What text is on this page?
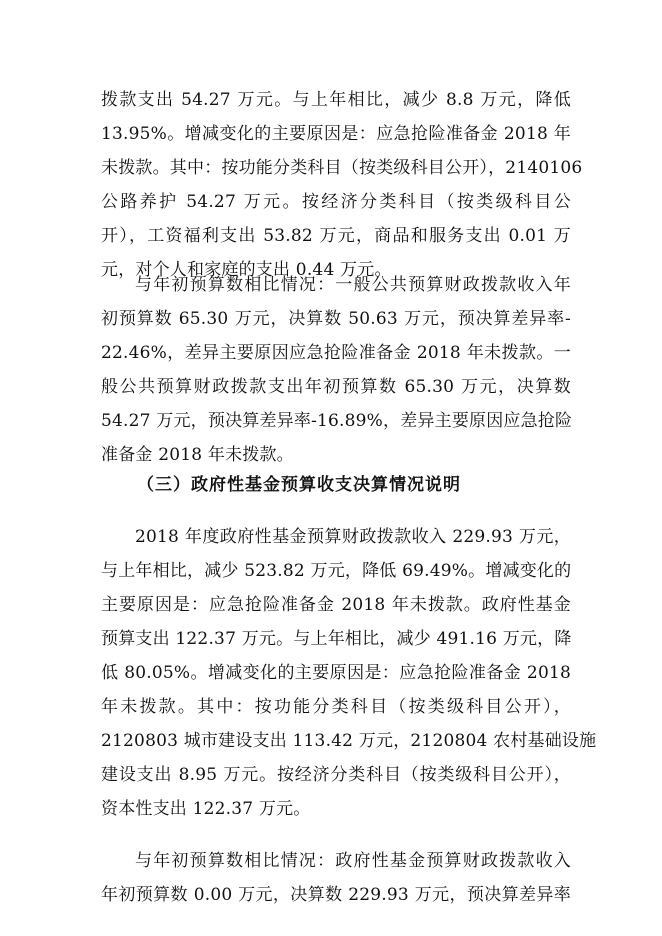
拨款支出 54.27 万元。与上年相比，减少 8.8 万元，降低
13.95%。增减变化的主要原因是：应急抢险准备金 2018 年
未拨款。其中：按功能分类科目（按类级科目公开），2140106
公路养护 54.27 万元。按经济分类科目（按类级科目公
开），工资福利支出 53.82 万元，商品和服务支出 0.01 万
元，对个人和家庭的支出 0.44 万元。
与年初预算数相比情况：一般公共预算财政拨款收入年
初预算数 65.30 万元，决算数 50.63 万元，预决算差异率-
22.46%，差异主要原因应急抢险准备金 2018 年未拨款。一
般公共预算财政拨款支出年初预算数 65.30 万元，决算数
54.27 万元，预决算差异率-16.89%，差异主要原因应急抢险
准备金 2018 年未拨款。
（三）政府性基金预算收支决算情况说明
2018 年度政府性基金预算财政拨款收入 229.93 万元，
与上年相比，减少 523.82 万元，降低 69.49%。增减变化的
主要原因是：应急抢险准备金 2018 年未拨款。政府性基金
预算支出 122.37 万元。与上年相比，减少 491.16 万元，降
低 80.05%。增减变化的主要原因是：应急抢险准备金 2018
年未拨款。其中：按功能分类科目（按类级科目公开），
2120803 城市建设支出 113.42 万元，2120804 农村基础设施
建设支出 8.95 万元。按经济分类科目（按类级科目公开），
资本性支出 122.37 万元。
与年初预算数相比情况：政府性基金预算财政拨款收入
年初预算数 0.00 万元，决算数 229.93 万元，预决算差异率
